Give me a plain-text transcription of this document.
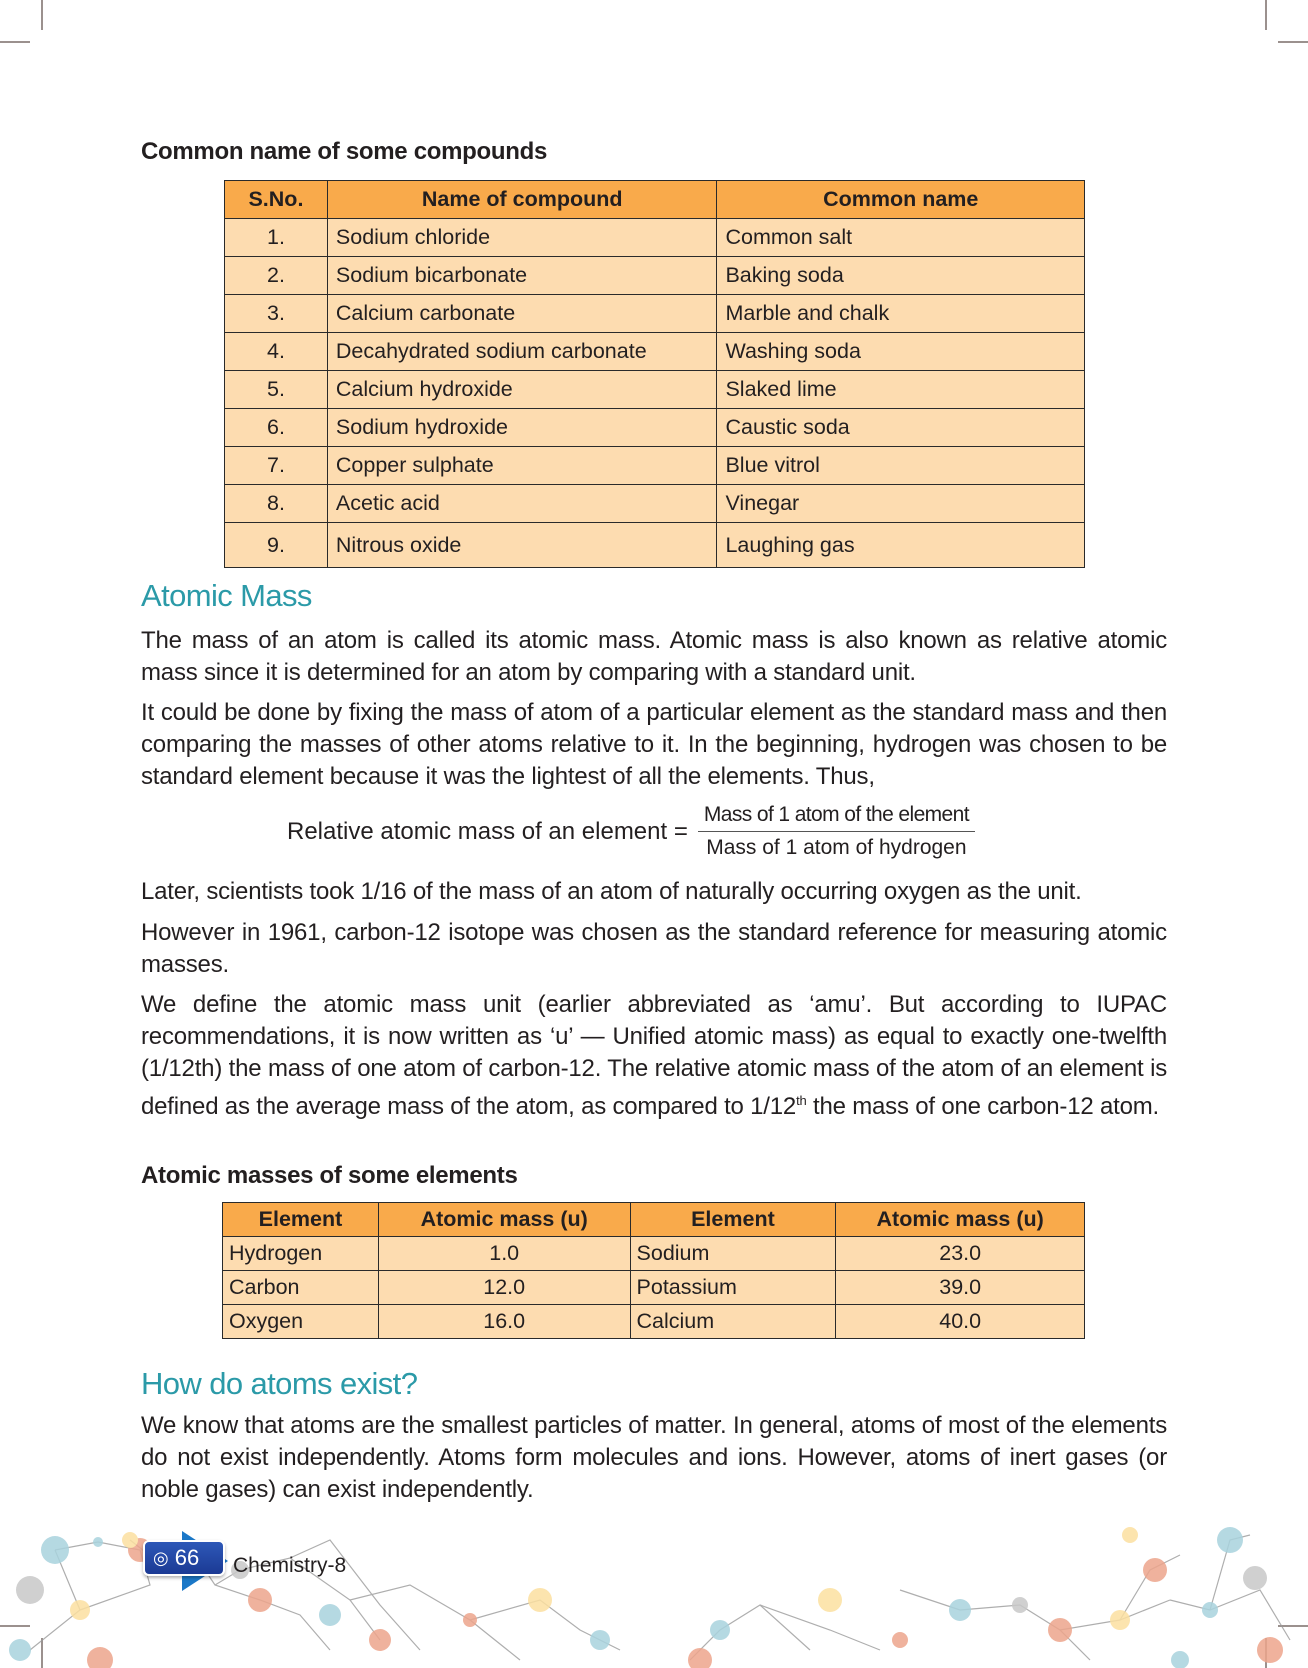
Common name of some compounds
S.No.	Name of compound	Common name
1.	Sodium chloride	Common salt
2.	Sodium bicarbonate	Baking soda
3.	Calcium carbonate	Marble and chalk
4.	Decahydrated sodium carbonate	Washing soda
5.	Calcium hydroxide	Slaked lime
6.	Sodium hydroxide	Caustic soda
7.	Copper sulphate	Blue vitrol
8.	Acetic acid	Vinegar
9.	Nitrous oxide	Laughing gas
Atomic Mass

The mass of an atom is called its atomic mass. Atomic mass is also known as relative atomic mass since it is determined for an atom by comparing with a standard unit.

It could be done by fixing the mass of atom of a particular element as the standard mass and then comparing the masses of other atoms relative to it. In the beginning, hydrogen was chosen to be standard element because it was the lightest of all the elements. Thus,

Relative atomic mass of an element = $\frac{\text{Mass of 1 atom of the element}}{\text{Mass of 1 atom of hydrogen}}$

Later, scientists took 1/16 of the mass of an atom of naturally occurring oxygen as the unit.

However in 1961, carbon-12 isotope was chosen as the standard reference for measuring atomic masses.

We define the atomic mass unit (earlier abbreviated as ‘amu’. But according to IUPAC recommendations, it is now written as ‘u’ — Unified atomic mass) as equal to exactly one-twelfth (1/12th) the mass of one atom of carbon-12. The relative atomic mass of the atom of an element is defined as the average mass of the atom, as compared to 1/12th the mass of one carbon-12 atom.

Atomic masses of some elements
Element	Atomic mass (u)	Element	Atomic mass (u)
Hydrogen	1.0	Sodium	23.0
Carbon	12.0	Potassium	39.0
Oxygen	16.0	Calcium	40.0
How do atoms exist?

We know that atoms are the smallest particles of matter. In general, atoms of most of the elements do not exist independently. Atoms form molecules and ions. However, atoms of inert gases (or noble gases) can exist independently.

◎ 66 Chemistry-8
